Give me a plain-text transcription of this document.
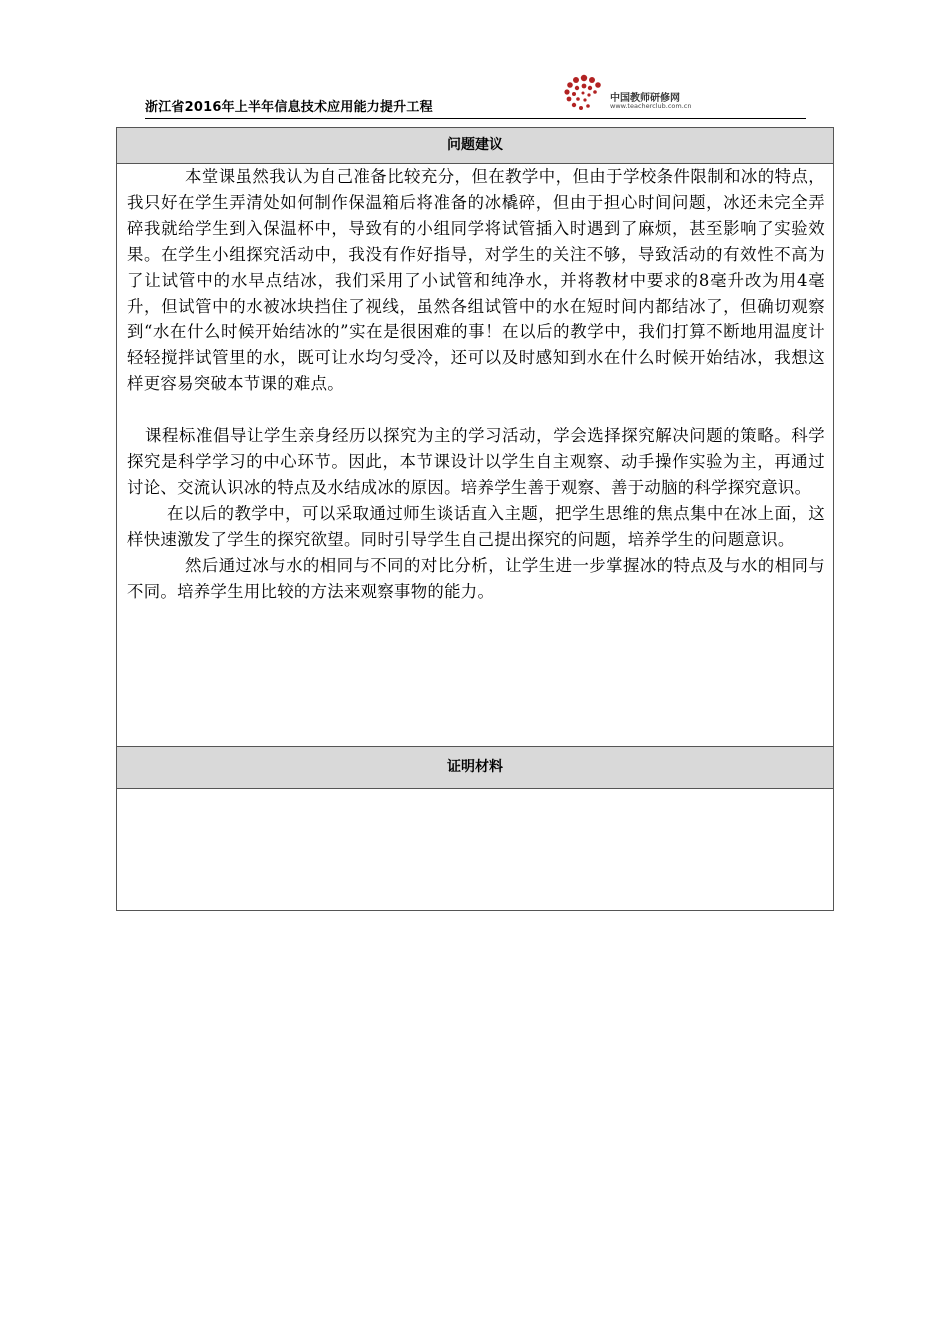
中国教师研修网
www.teacherclub.com.cn
浙江省2016年上半年信息技术应用能力提升工程
问题建议

本堂课虽然我认为自己准备比较充分，但在教学中，但由于学校条件限制和冰的特点，我只好在学生弄清处如何制作保温箱后将准备的冰橇碎，但由于担心时间问题，冰还未完全弄碎我就给学生到入保温杯中，导致有的小组同学将试管插入时遇到了麻烦，甚至影响了实验效果。在学生小组探究活动中，我没有作好指导，对学生的关注不够，导致活动的有效性不高为了让试管中的水早点结冰，我们采用了小试管和纯净水，并将教材中要求的8毫升改为用4毫升，但试管中的水被冰块挡住了视线，虽然各组试管中的水在短时间内都结冰了，但确切观察到“水在什么时候开始结冰的”实在是很困难的事！在以后的教学中，我们打算不断地用温度计轻轻搅拌试管里的水，既可让水均匀受冷，还可以及时感知到水在什么时候开始结冰，我想这样更容易突破本节课的难点。

课程标准倡导让学生亲身经历以探究为主的学习活动，学会选择探究解决问题的策略。科学探究是科学学习的中心环节。因此，本节课设计以学生自主观察、动手操作实验为主，再通过讨论、交流认识冰的特点及水结成冰的原因。培养学生善于观察、善于动脑的科学探究意识。

在以后的教学中，可以采取通过师生谈话直入主题，把学生思维的焦点集中在冰上面，这样快速激发了学生的探究欲望。同时引导学生自己提出探究的问题，培养学生的问题意识。

然后通过冰与水的相同与不同的对比分析，让学生进一步掌握冰的特点及与水的相同与不同。培养学生用比较的方法来观察事物的能力。

证明材料
